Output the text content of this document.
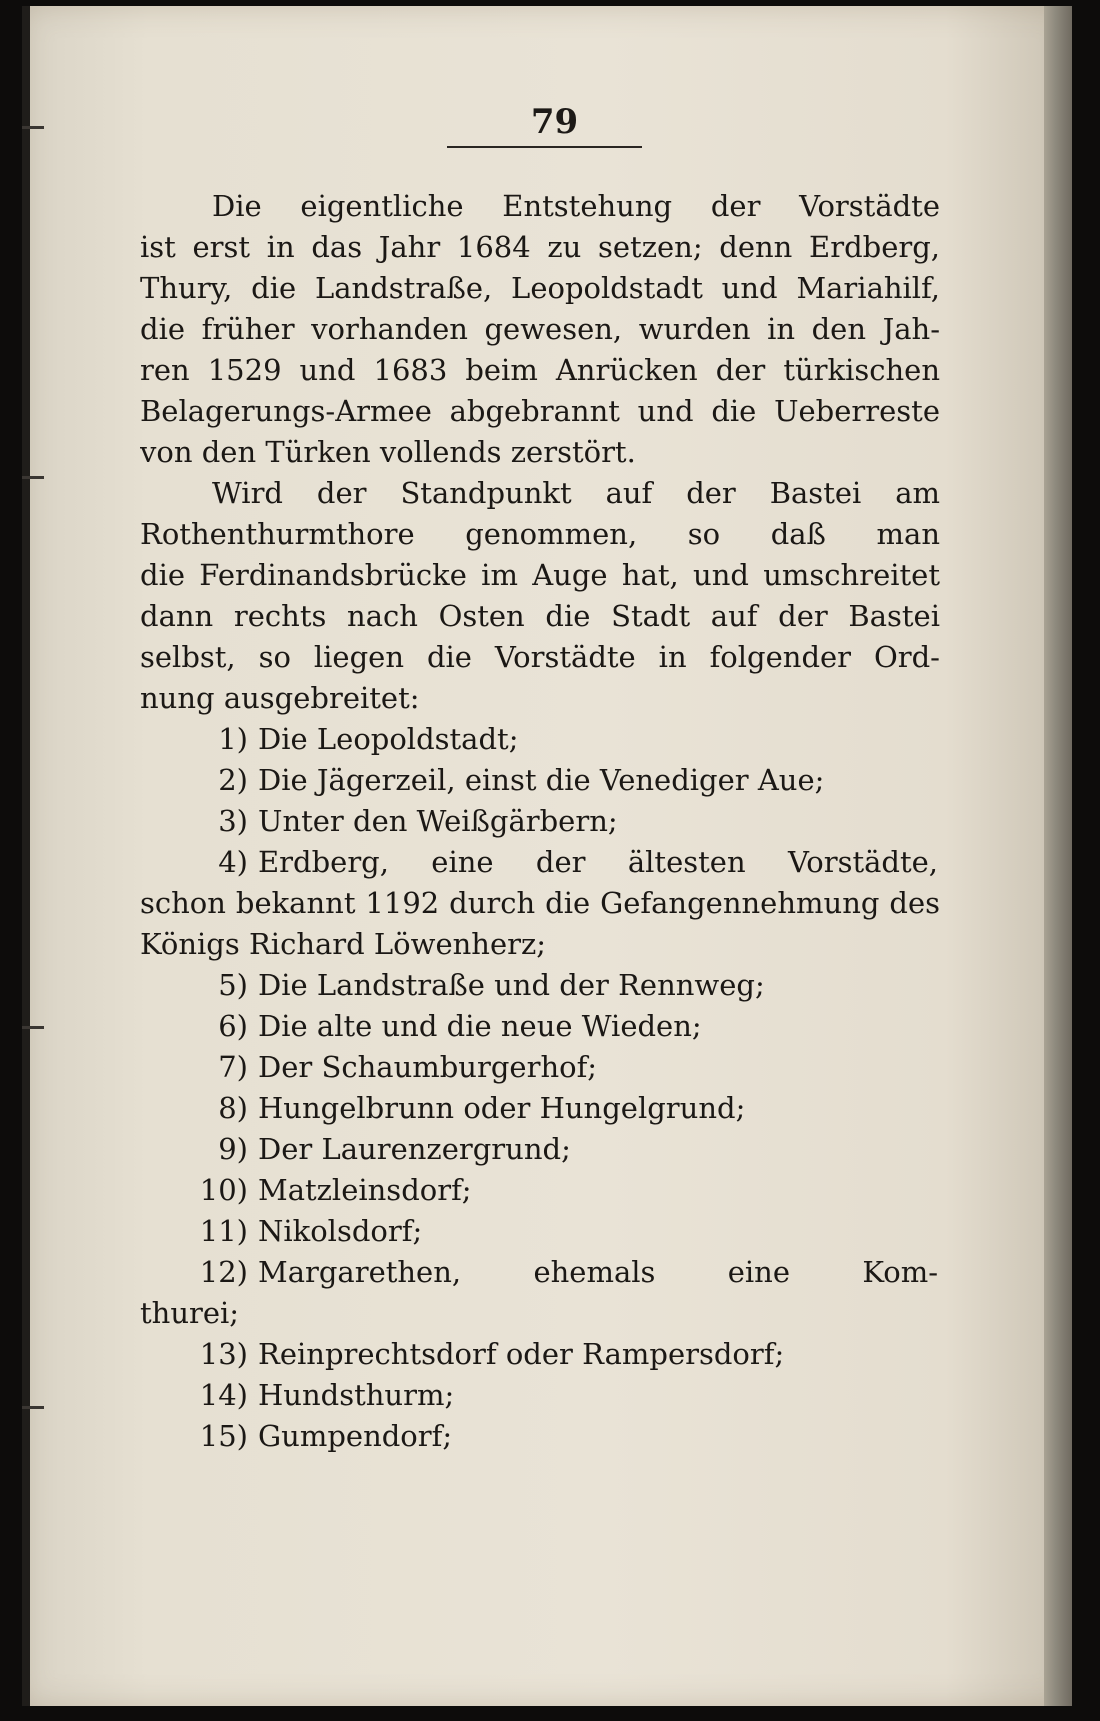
79
Die eigentliche Entstehung der Vorstädte
ist erst in das Jahr 1684 zu setzen; denn Erdberg,
Thury, die Landstraße, Leopoldstadt und Mariahilf,
die früher vorhanden gewesen, wurden in den Jah-
ren 1529 und 1683 beim Anrücken der türkischen
Belagerungs-Armee abgebrannt und die Ueberreste
von den Türken vollends zerstört.
Wird der Standpunkt auf der Bastei am
Rothenthurmthore genommen, so daß man
die Ferdinandsbrücke im Auge hat, und umschreitet
dann rechts nach Osten die Stadt auf der Bastei
selbst, so liegen die Vorstädte in folgender Ord-
nung ausgebreitet:
1) Die Leopoldstadt;
2) Die Jägerzeil, einst die Venediger Aue;
3) Unter den Weißgärbern;
4) Erdberg, eine der ältesten Vorstädte,
schon bekannt 1192 durch die Gefangennehmung des
Königs Richard Löwenherz;
5) Die Landstraße und der Rennweg;
6) Die alte und die neue Wieden;
7) Der Schaumburgerhof;
8) Hungelbrunn oder Hungelgrund;
9) Der Laurenzergrund;
10) Matzleinsdorf;
11) Nikolsdorf;
12) Margarethen, ehemals eine Kom-
thurei;
13) Reinprechtsdorf oder Rampersdorf;
14) Hundsthurm;
15) Gumpendorf;
